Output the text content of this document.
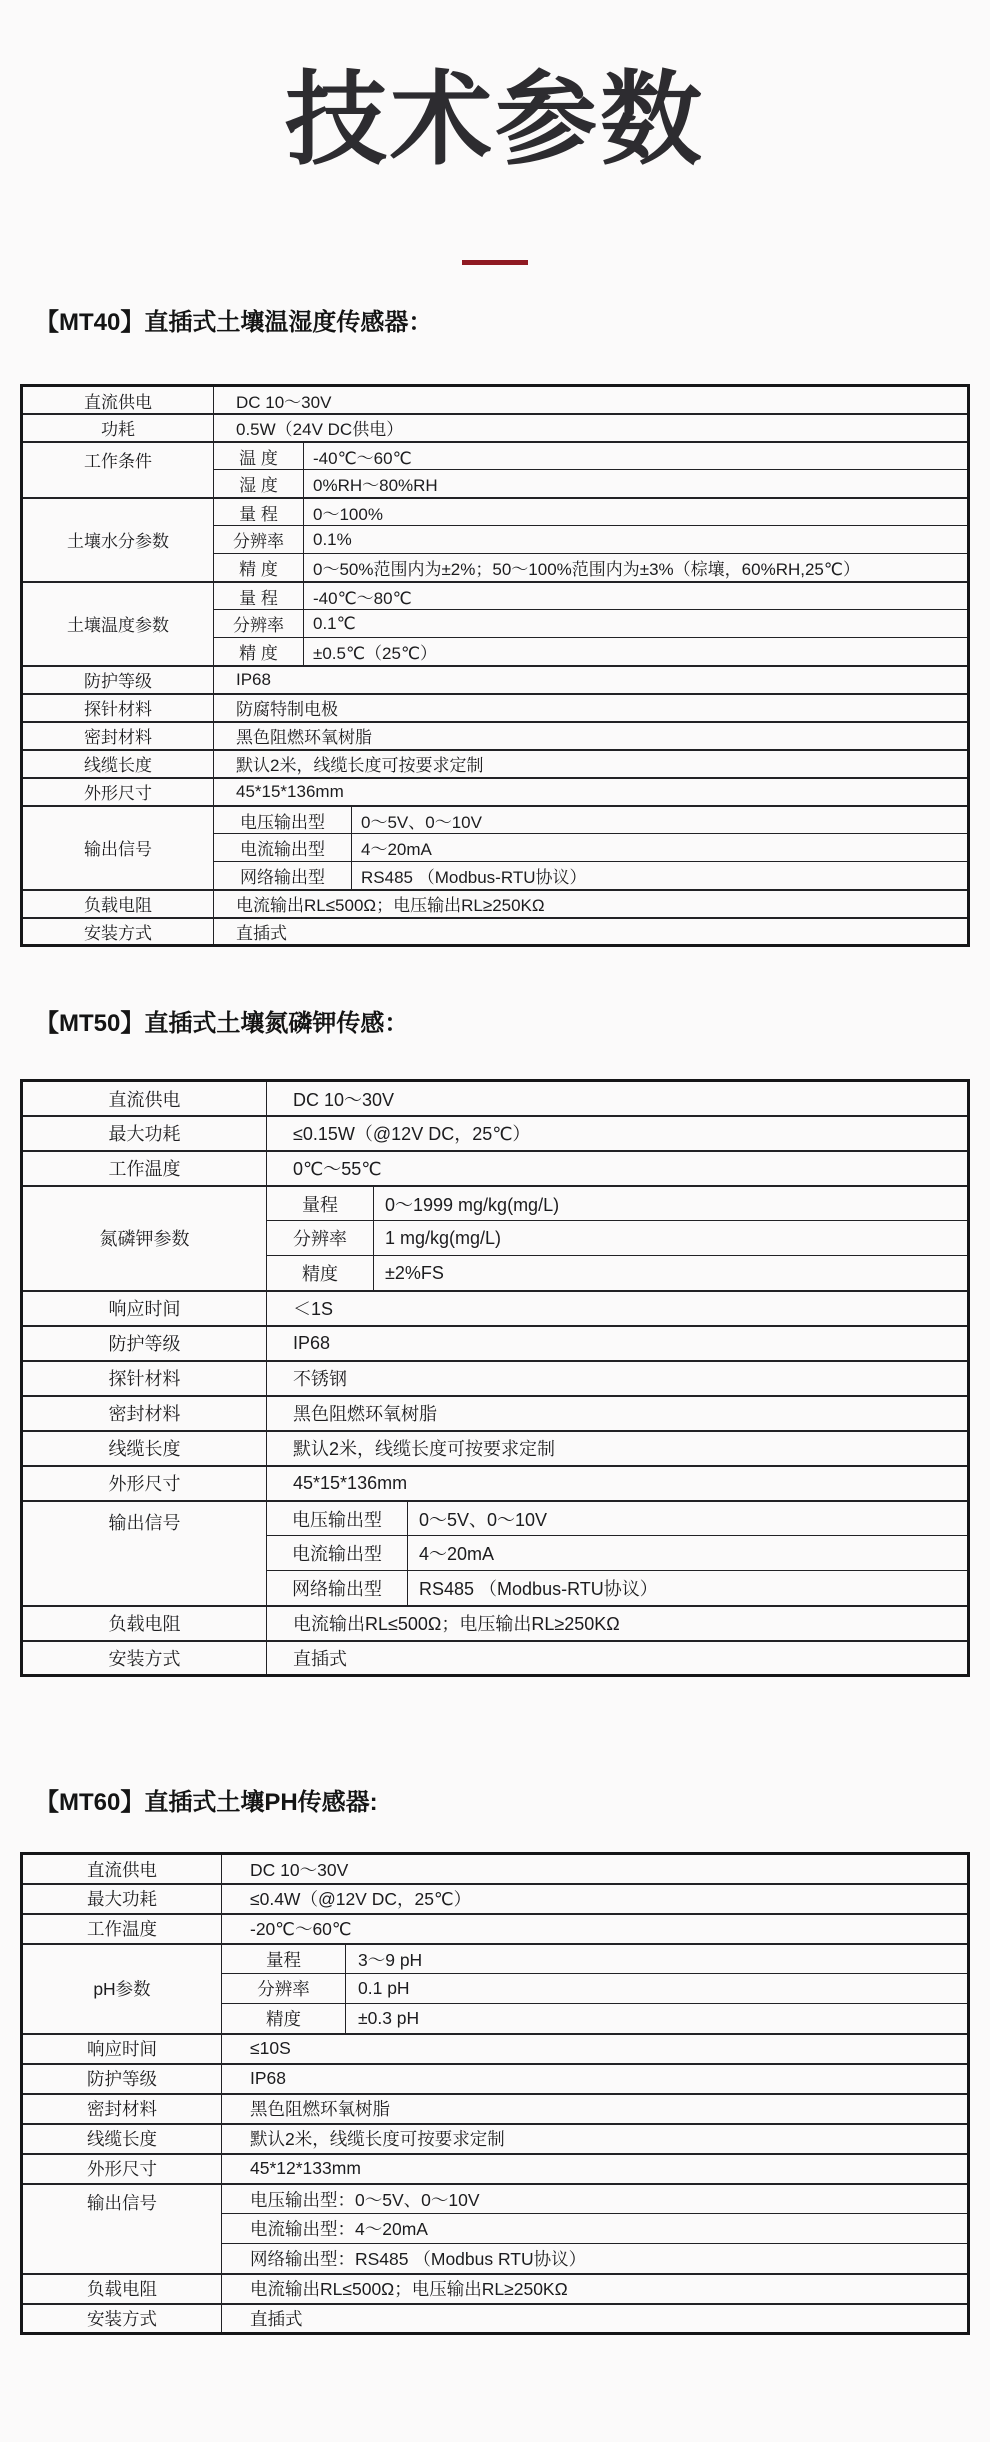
技术参数
【MT40】直插式土壤温湿度传感器：
直流供电	DC 10～30V		
功耗	0.5W（24V DC供电）		
工作条件	温 度	-40℃～60℃	
	湿 度	0%RH～80%RH	
土壤水分参数	量 程	0～100%	
	分辨率	0.1%	
	精 度	0～50%范围内为±2%；50～100%范围内为±3%（棕壤，60%RH,25℃）	
土壤温度参数	量 程	-40℃～80℃	
	分辨率	0.1℃	
	精 度	±0.5℃（25℃）	
防护等级	IP68		
探针材料	防腐特制电极		
密封材料	黑色阻燃环氧树脂		
线缆长度	默认2米，线缆长度可按要求定制		
外形尺寸	45*15*136mm		
输出信号	电压输出型		0～5V、0～10V
	电流输出型		4～20mA
	网络输出型		RS485 （Modbus-RTU协议）
负载电阻	电流输出RL≤500Ω；电压输出RL≥250KΩ		
安装方式	直插式		
【MT50】直插式土壤氮磷钾传感：
直流供电	DC 10～30V		
最大功耗	≤0.15W（@12V DC，25℃）		
工作温度	0℃～55℃		
氮磷钾参数	量程	0～1999 mg/kg(mg/L)	
	分辨率	1 mg/kg(mg/L)	
	精度	±2%FS	
响应时间	＜1S		
防护等级	IP68		
探针材料	不锈钢		
密封材料	黑色阻燃环氧树脂		
线缆长度	默认2米，线缆长度可按要求定制		
外形尺寸	45*15*136mm		
输出信号	电压输出型		0～5V、0～10V
	电流输出型		4～20mA
	网络输出型		RS485 （Modbus-RTU协议）
负载电阻	电流输出RL≤500Ω；电压输出RL≥250KΩ		
安装方式	直插式		
【MT60】直插式土壤PH传感器:
直流供电	DC 10～30V	
最大功耗	≤0.4W（@12V DC，25℃）	
工作温度	-20℃～60℃	
pH参数	量程	3～9 pH
	分辨率	0.1 pH
	精度	±0.3 pH
响应时间	≤10S	
防护等级	IP68	
密封材料	黑色阻燃环氧树脂	
线缆长度	默认2米，线缆长度可按要求定制	
外形尺寸	45*12*133mm	
输出信号	电压输出型：0～5V、0～10V	
	电流输出型：4～20mA	
	网络输出型：RS485 （Modbus RTU协议）	
负载电阻	电流输出RL≤500Ω；电压输出RL≥250KΩ	
安装方式	直插式	
